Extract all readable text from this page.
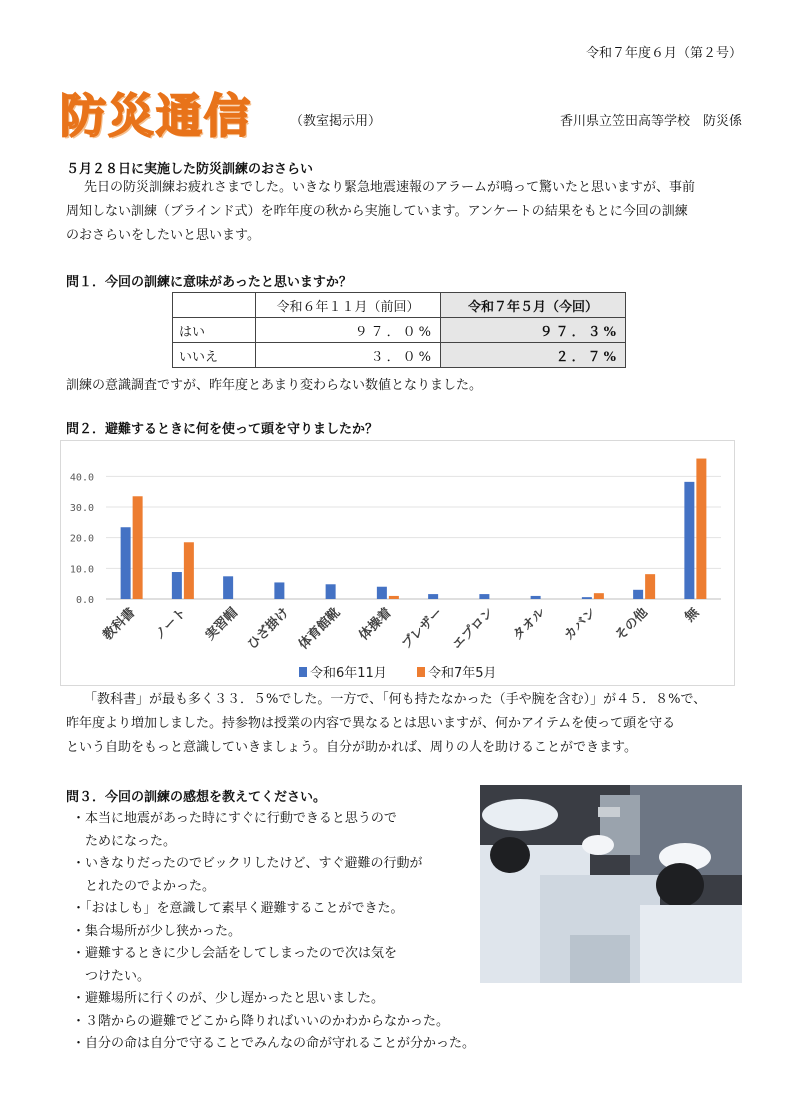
令和７年度６月（第２号）
防災通信	（教室掲示用）	香川県立笠田高等学校　防災係
５月２８日に実施した防災訓練のおさらい
先日の防災訓練お疲れさまでした。いきなり緊急地震速報のアラームが鳴って驚いたと思いますが、事前
周知しない訓練（ブラインド式）を昨年度の秋から実施しています。アンケートの結果をもとに今回の訓練
のおさらいをしたいと思います。
問１．今回の訓練に意味があったと思いますか？
	令和６年１１月（前回）	令和７年５月（今回）
はい	９７．０%	９７．３%
いいえ	３．０%	２．７%
訓練の意識調査ですが、昨年度とあまり変わらない数値となりました。
問２．避難するときに何を使って頭を守りましたか？
0.0
10.0
20.0
30.0
40.0
教科書 ノート 実習帽 ひざ掛け 体育館靴 体操着 ブレザー エプロン タオル カバン その他 無
令和6年11月	令和7年5月
「教科書」が最も多く３３．５%でした。一方で、「何も持たなかった（手や腕を含む）」が４５．８%で、
昨年度より増加しました。持参物は授業の内容で異なるとは思いますが、何かアイテムを使って頭を守る
という自助をもっと意識していきましょう。自分が助かれば、周りの人を助けることができます。
問３．今回の訓練の感想を教えてください。
・本当に地震があった時にすぐに行動できると思うので
　ためになった。
・いきなりだったのでビックリしたけど、すぐ避難の行動が
　とれたのでよかった。
・「おはしも」を意識して素早く避難することができた。
・集合場所が少し狭かった。
・避難するときに少し会話をしてしまったので次は気を
　つけたい。
・避難場所に行くのが、少し遅かったと思いました。
・３階からの避難でどこから降りればいいのかわからなかった。
・自分の命は自分で守ることでみんなの命が守れることが分かった。
